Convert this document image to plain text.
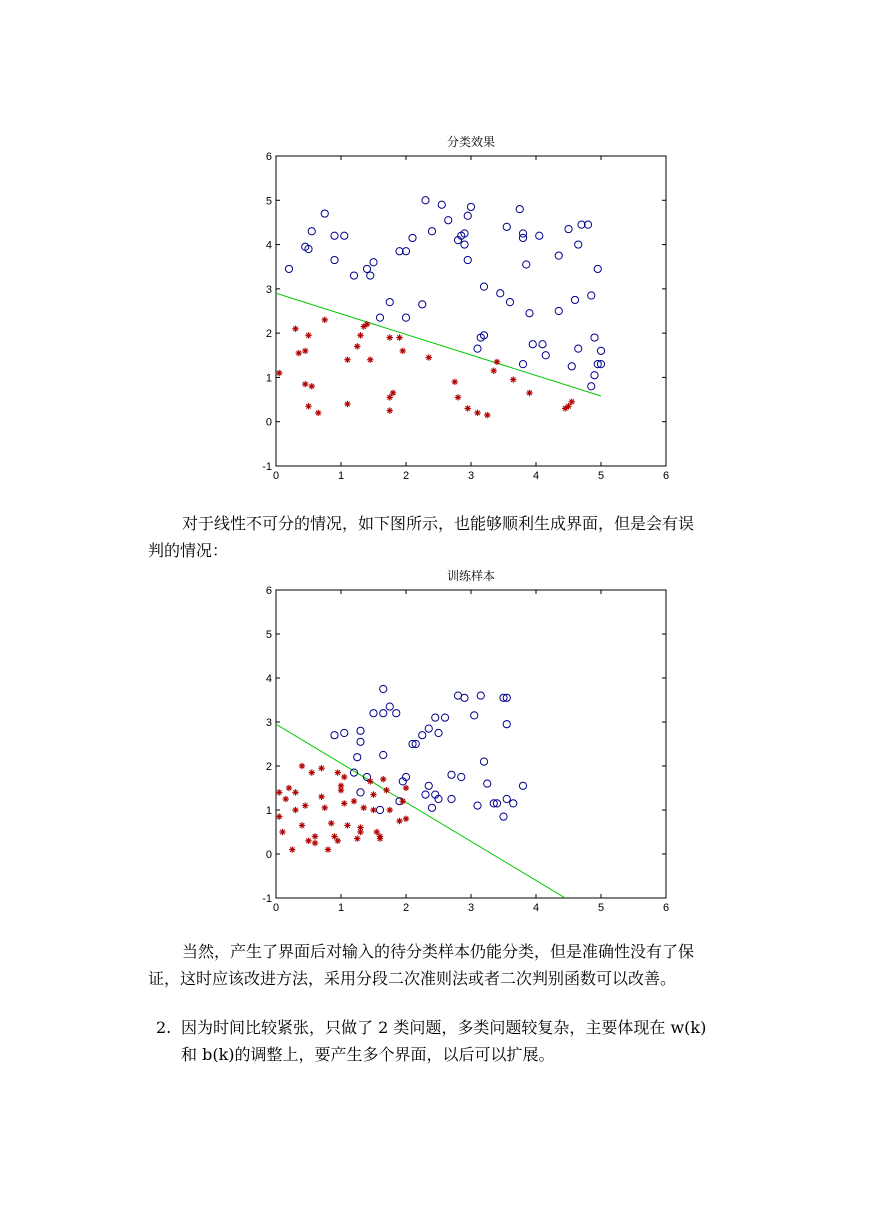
分类效果
0	1	2	3	4	5	6
-1
0
1
2
3
4
5
6

对于线性不可分的情况，如下图所示，也能够顺利生成界面，但是会有误
判的情况：

训练样本
0	1	2	3	4	5	6
-1
0
1
2
3
4
5
6

当然，产生了界面后对输入的待分类样本仍能分类，但是准确性没有了保
证，这时应该改进方法，采用分段二次准则法或者二次判别函数可以改善。

2. 因为时间比较紧张，只做了 2 类问题，多类问题较复杂，主要体现在 w(k)
和 b(k)的调整上，要产生多个界面，以后可以扩展。
